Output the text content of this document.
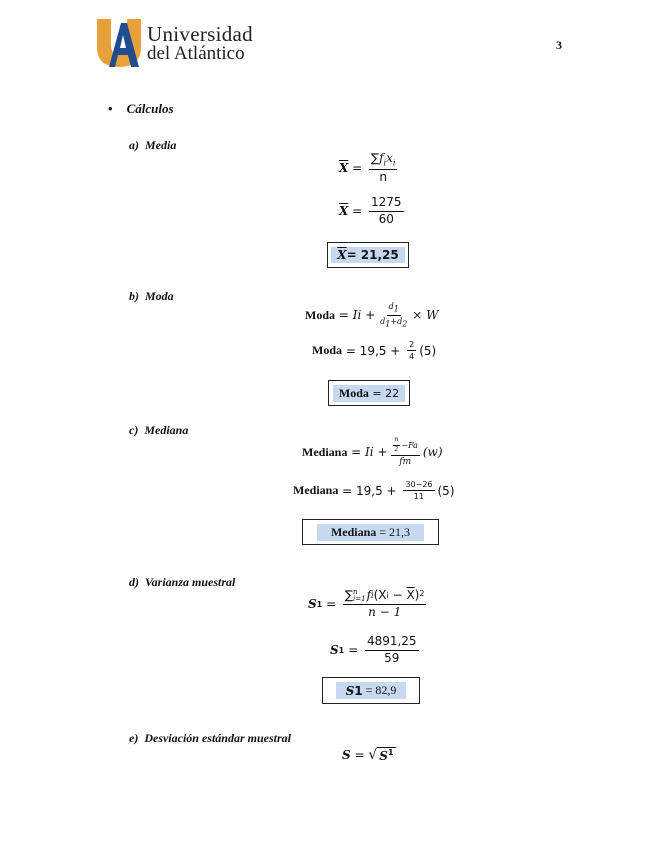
Universidad
del Atlántico	3
• Cálculos
a)  Media
$\overline{X} = \frac{\sum f_ix_i}{n}$
$\overline{X} = \frac{1275}{60}$
$\overline{X} = 21,25$
b)  Moda
Moda = I $i + \frac{d_1}{d_1+d_2} \times W$
Moda = $19,5 + \frac{2}{4} (5)$
Moda = 22
c)  Mediana
Mediana = I $i + \frac{\frac{n}{2} -Fa}{fm} (w)$
Mediana = $19,5 + \frac{30-26}{11} (5)$
Mediana = 21,3
d)  Varianza muestral
S 1 =
∑ n
i=1 f i (X $i - \overline{X}$ ) 2
n − 1
S $1 = \frac{4891,25}{59}$
S 1 = 82,9
e)  Desviación estándar muestral
S = √ $S^1$
